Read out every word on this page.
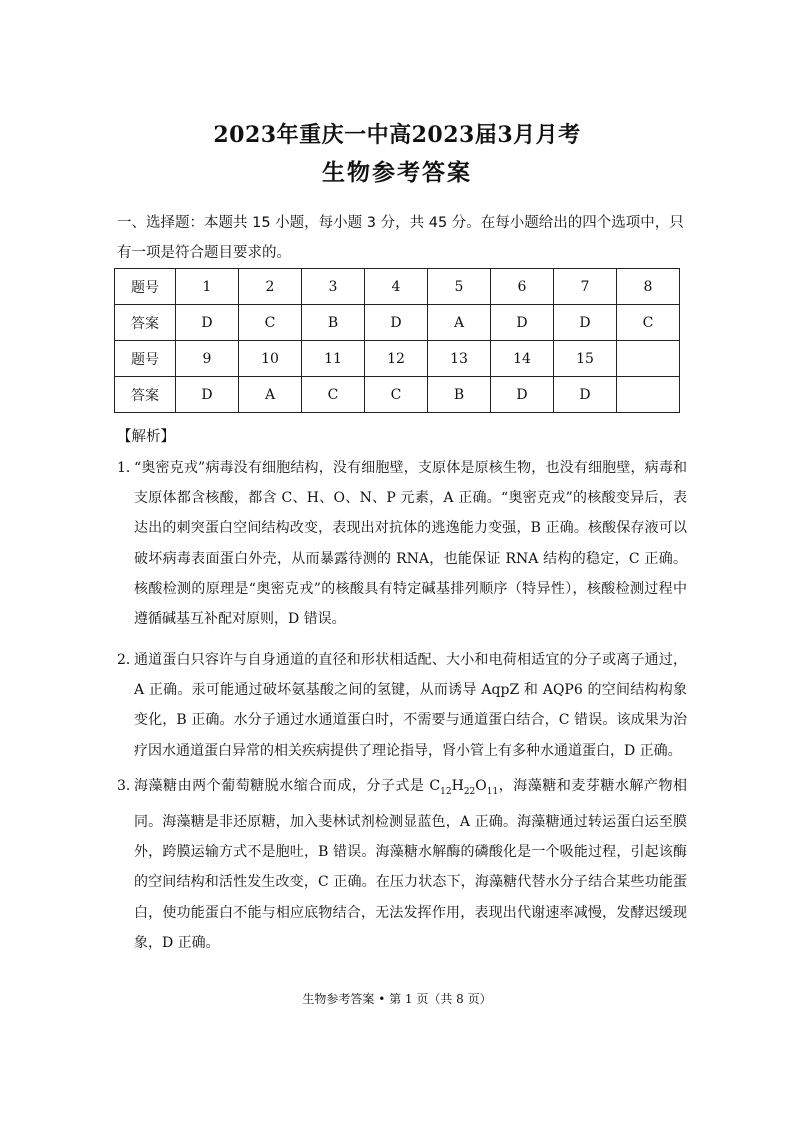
2023年重庆一中高2023届3月月考
生物参考答案
一、选择题：本题共 15 小题，每小题 3 分，共 45 分。在每小题给出的四个选项中，只有一项是符合题目要求的。
题号	1	2	3	4	5	6	7	8
答案	D	C	B	D	A	D	D	C
题号	9	10	11	12	13	14	15	
答案	D	A	C	C	B	D	D	
【解析】
1．
“奥密克戎”病毒没有细胞结构，没有细胞壁，支原体是原核生物，也没有细胞壁，病毒和支原体都含核酸，都含 C、H、O、N、P 元素，A 正确。“奥密克戎”的核酸变异后，表达出的刺突蛋白空间结构改变，表现出对抗体的逃逸能力变强，B 正确。核酸保存液可以破坏病毒表面蛋白外壳，从而暴露待测的 RNA，也能保证 RNA 结构的稳定，C 正确。核酸检测的原理是“奥密克戎”的核酸具有特定碱基排列顺序（特异性），核酸检测过程中遵循碱基互补配对原则，D 错误。
2．
通道蛋白只容许与自身通道的直径和形状相适配、大小和电荷相适宜的分子或离子通过，A 正确。汞可能通过破坏氨基酸之间的氢键，从而诱导 AqpZ 和 AQP6 的空间结构构象变化，B 正确。水分子通过水通道蛋白时，不需要与通道蛋白结合，C 错误。该成果为治疗因水通道蛋白异常的相关疾病提供了理论指导，肾小管上有多种水通道蛋白，D 正确。
3．
海藻糖由两个葡萄糖脱水缩合而成，分子式是 $C_{12}H_{22}O_{11}$，海藻糖和麦芽糖水解产物相同。海藻糖是非还原糖，加入斐林试剂检测显蓝色，A 正确。海藻糖通过转运蛋白运至膜外，跨膜运输方式不是胞吐，B 错误。海藻糖水解酶的磷酸化是一个吸能过程，引起该酶的空间结构和活性发生改变，C 正确。在压力状态下，海藻糖代替水分子结合某些功能蛋白，使功能蛋白不能与相应底物结合，无法发挥作用，表现出代谢速率减慢，发酵迟缓现象，D 正确。
生物参考答案 • 第 1 页（共 8 页）
